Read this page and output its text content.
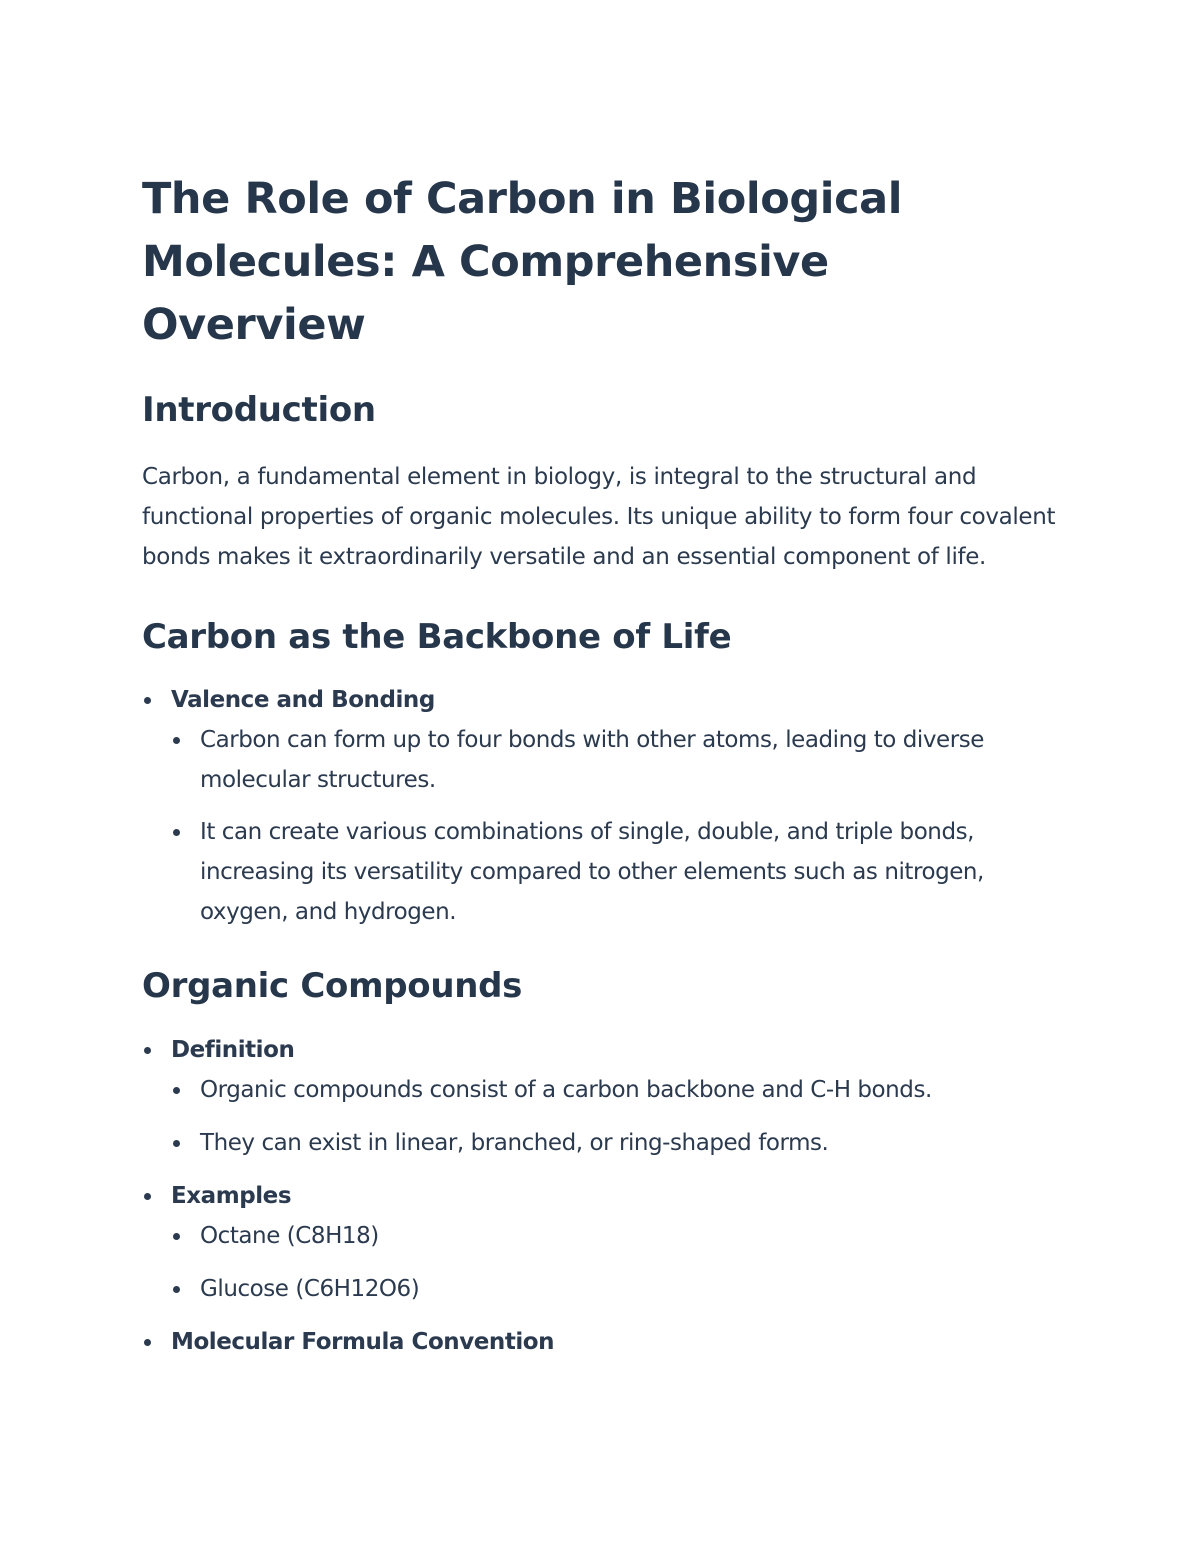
The Role of Carbon in Biological Molecules: A Comprehensive Overview
Introduction

Carbon, a fundamental element in biology, is integral to the structural and functional properties of organic molecules. Its unique ability to form four covalent bonds makes it extraordinarily versatile and an essential component of life.

Carbon as the Backbone of Life
Valence and Bonding
Carbon can form up to four bonds with other atoms, leading to diverse molecular structures.
It can create various combinations of single, double, and triple bonds, increasing its versatility compared to other elements such as nitrogen, oxygen, and hydrogen.
Organic Compounds
Definition
Organic compounds consist of a carbon backbone and C-H bonds.
They can exist in linear, branched, or ring-shaped forms.
Examples
Octane (C8H18)
Glucose (C6H12O6)
Molecular Formula Convention
